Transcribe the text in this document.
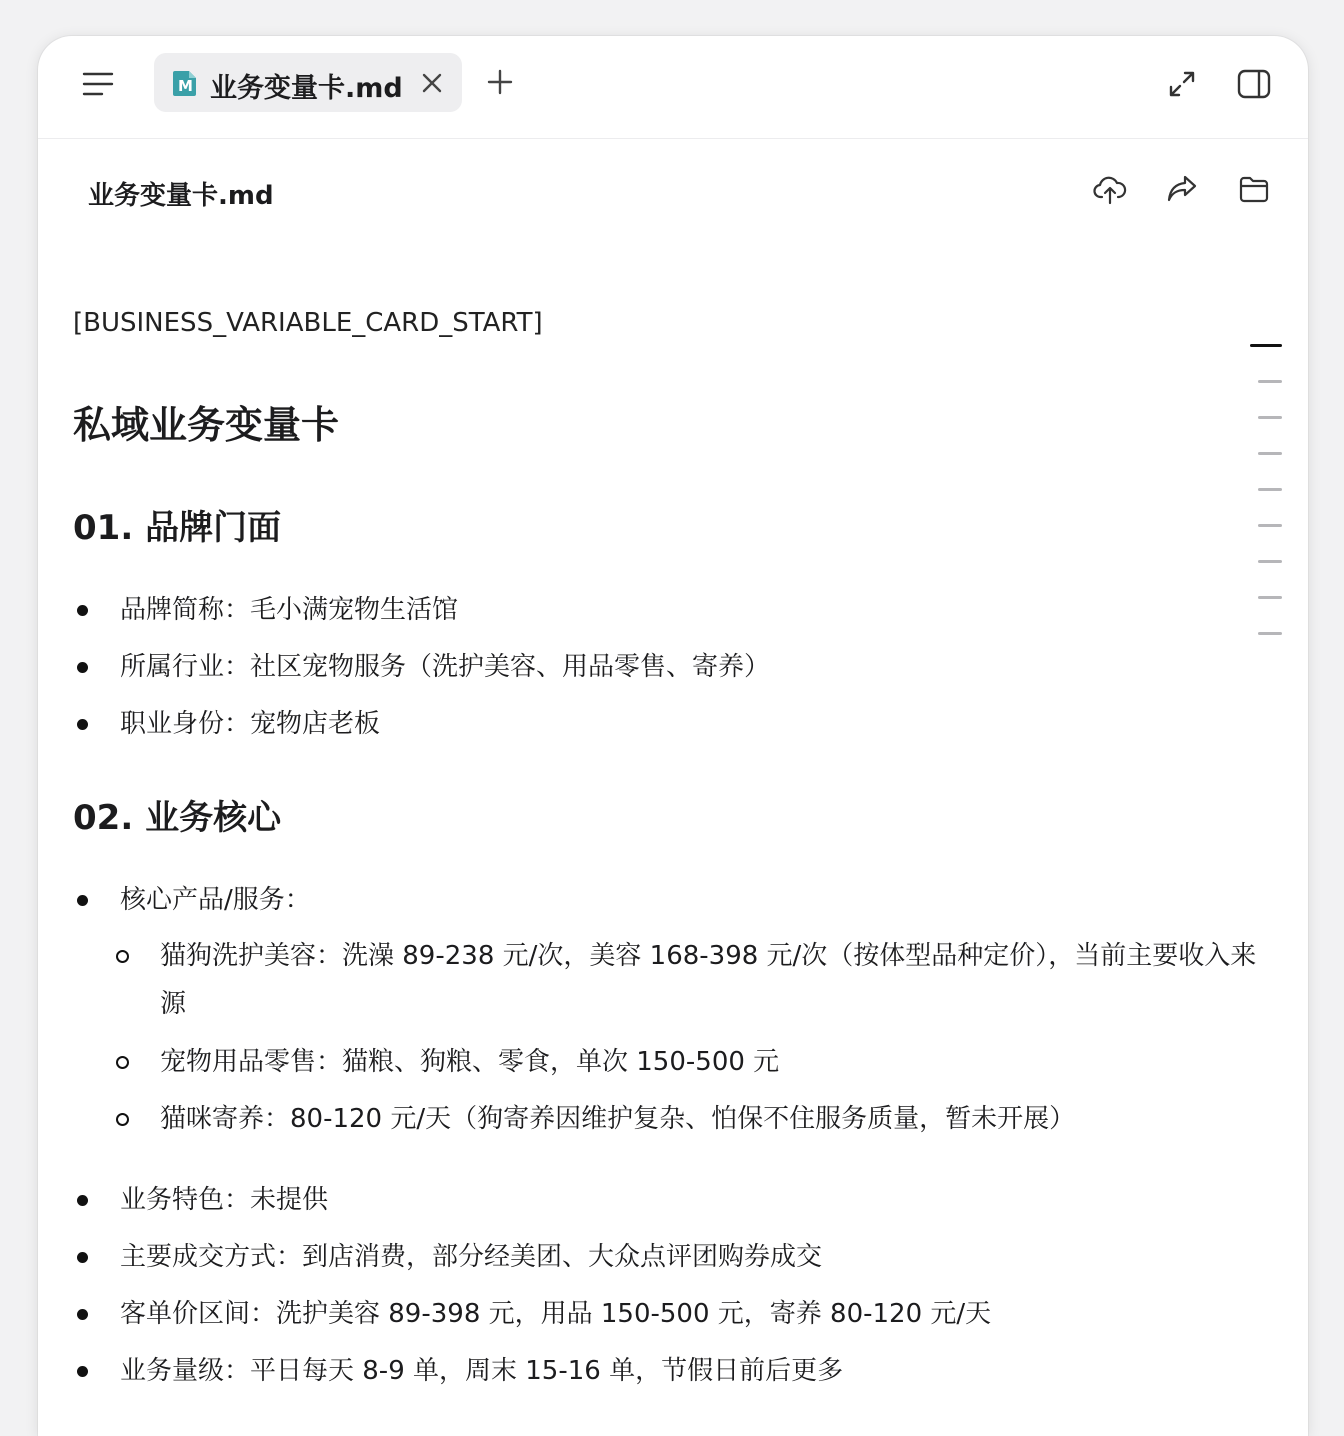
M 业务变量卡.md
业务变量卡.md
[BUSINESS_VARIABLE_CARD_START]
私域业务变量卡
01. 品牌门面
品牌简称：毛小满宠物生活馆
所属行业：社区宠物服务（洗护美容、用品零售、寄养）
职业身份：宠物店老板
02. 业务核心
核心产品/服务：
猫狗洗护美容：洗澡 89-238 元/次，美容 168-398 元/次（按体型品种定价），当前主要收入来源
宠物用品零售：猫粮、狗粮、零食，单次 150-500 元
猫咪寄养：80-120 元/天（狗寄养因维护复杂、怕保不住服务质量，暂未开展）
业务特色：未提供
主要成交方式：到店消费，部分经美团、大众点评团购券成交
客单价区间：洗护美容 89-398 元，用品 150-500 元，寄养 80-120 元/天
业务量级：平日每天 8-9 单，周末 15-16 单，节假日前后更多
